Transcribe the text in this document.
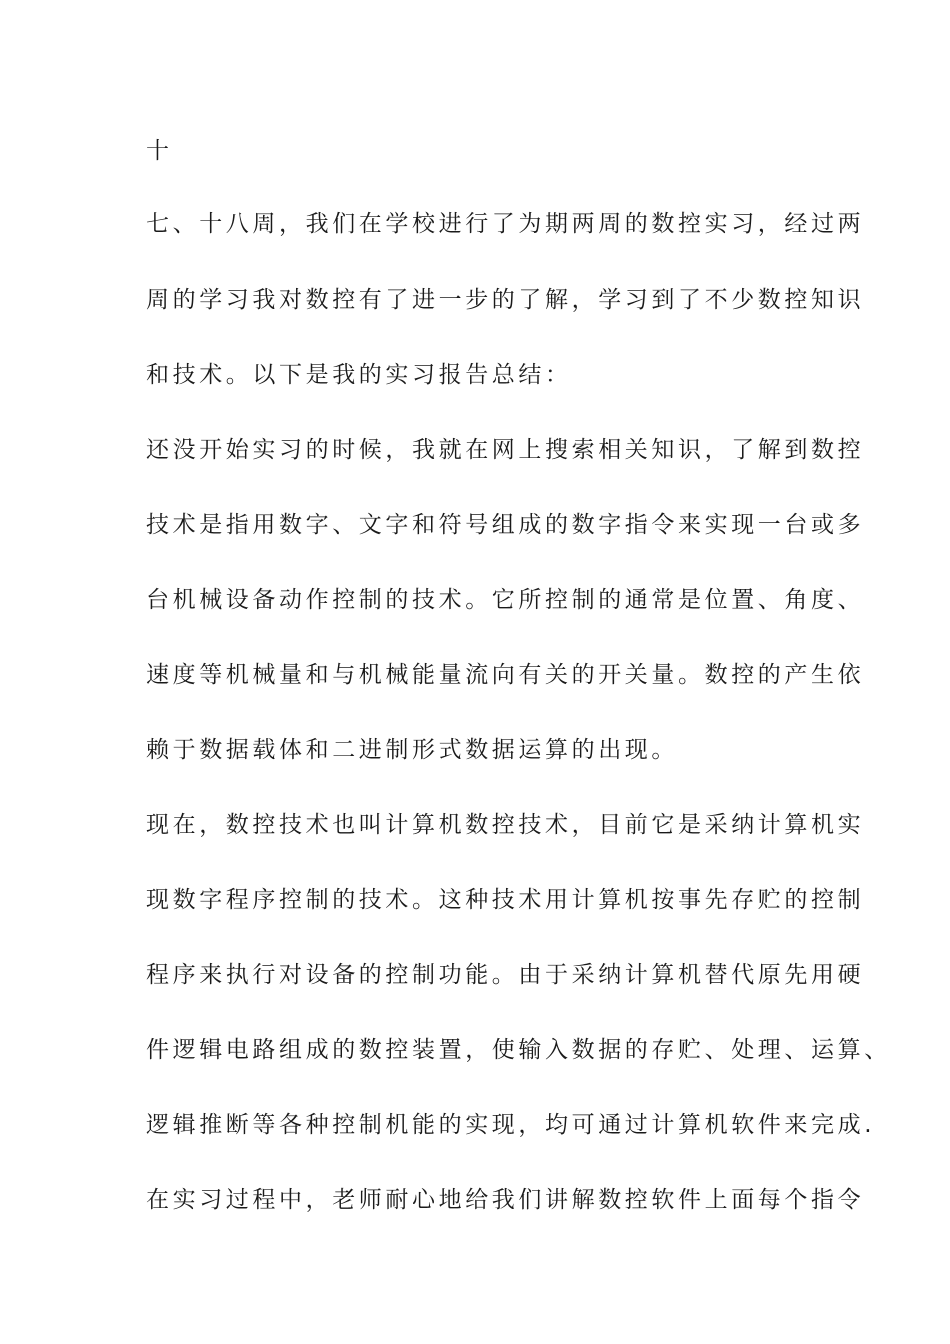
十
七、十八周，我们在学校进行了为期两周的数控实习，经过两
周的学习我对数控有了进一步的了解，学习到了不少数控知识
和技术。以下是我的实习报告总结：
还没开始实习的时候，我就在网上搜索相关知识，了解到数控
技术是指用数字、文字和符号组成的数字指令来实现一台或多
台机械设备动作控制的技术。它所控制的通常是位置、角度、
速度等机械量和与机械能量流向有关的开关量。数控的产生依
赖于数据载体和二进制形式数据运算的出现。
现在，数控技术也叫计算机数控技术，目前它是采纳计算机实
现数字程序控制的技术。这种技术用计算机按事先存贮的控制
程序来执行对设备的控制功能。由于采纳计算机替代原先用硬
件逻辑电路组成的数控装置，使输入数据的存贮、处理、运算、
逻辑推断等各种控制机能的实现，均可通过计算机软件来完成.
在实习过程中，老师耐心地给我们讲解数控软件上面每个指令
